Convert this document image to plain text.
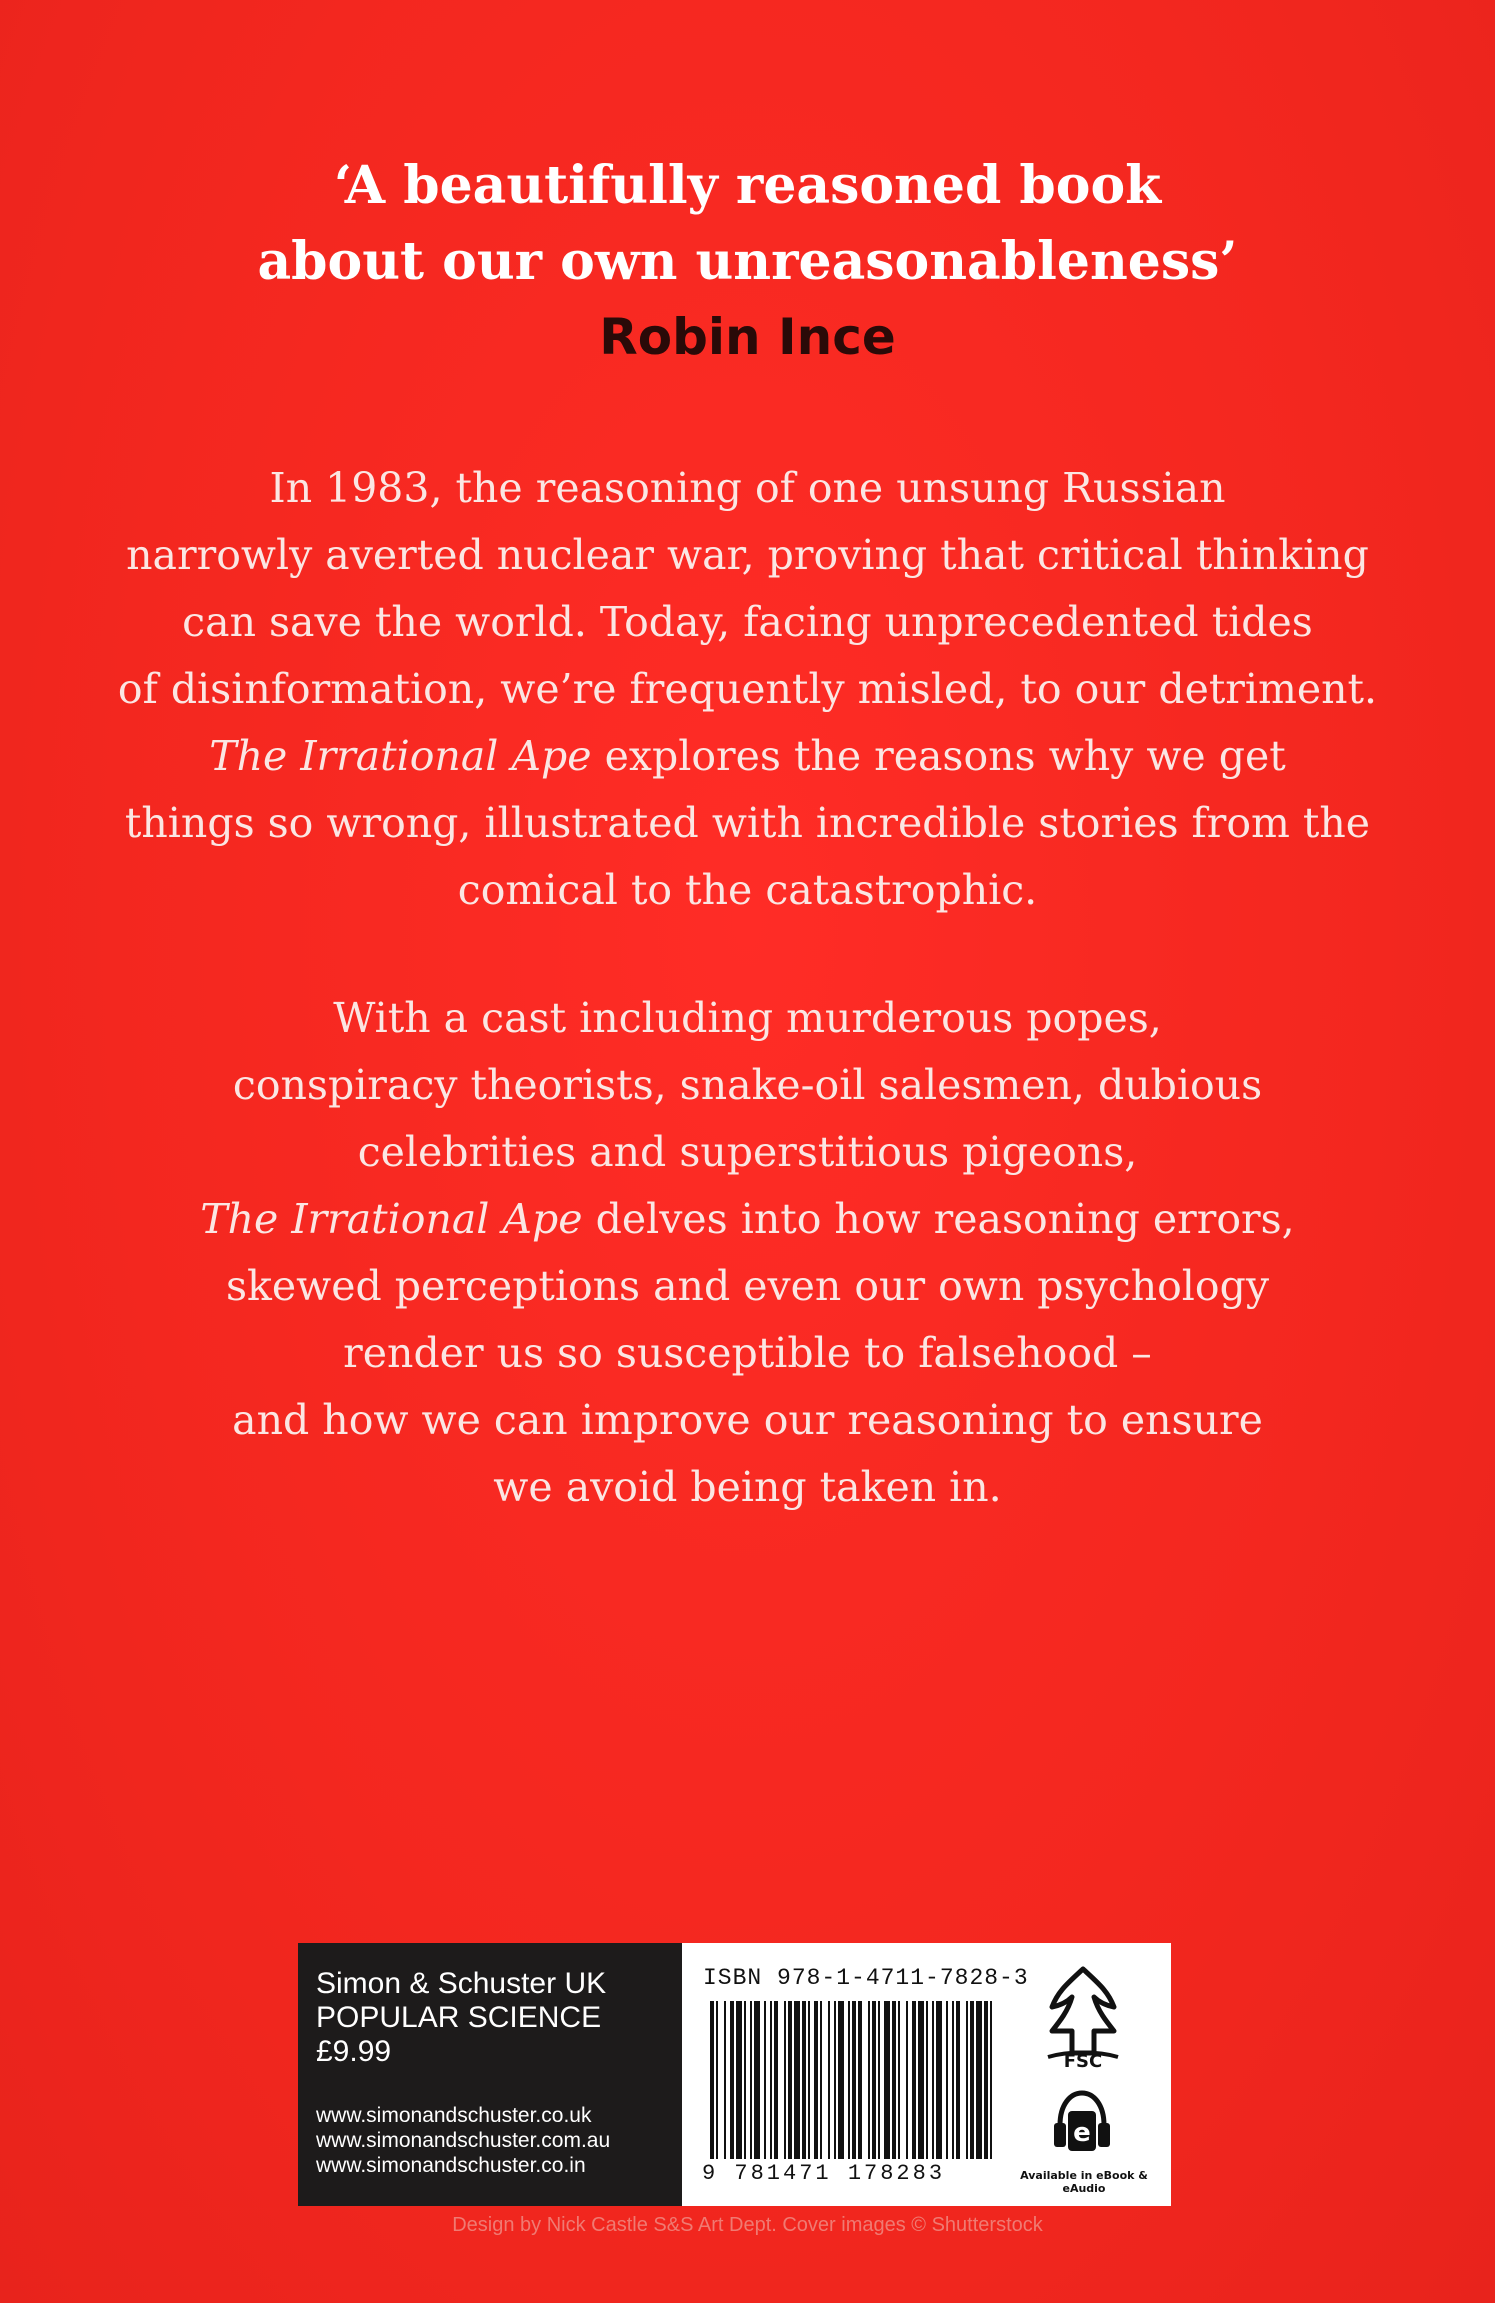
‘A beautifully reasoned book
about our own unreasonableness’
Robin Ince
In 1983, the reasoning of one unsung Russian
narrowly averted nuclear war, proving that critical thinking
can save the world. Today, facing unprecedented tides
of disinformation, we’re frequently misled, to our detriment.
The Irrational Ape explores the reasons why we get
things so wrong, illustrated with incredible stories from the
comical to the catastrophic.
With a cast including murderous popes,
conspiracy theorists, snake-oil salesmen, dubious
celebrities and superstitious pigeons,
The Irrational Ape delves into how reasoning errors,
skewed perceptions and even our own psychology
render us so susceptible to falsehood –
and how we can improve our reasoning to ensure
we avoid being taken in.
Simon & Schuster UK
POPULAR SCIENCE
£9.99
www.simonandschuster.co.uk
www.simonandschuster.com.au
www.simonandschuster.co.in
ISBN 978-1-4711-7828-3
9 781471 178283
FSC
e
Available in eBook & eAudio
Design by Nick Castle S&S Art Dept. Cover images © Shutterstock
